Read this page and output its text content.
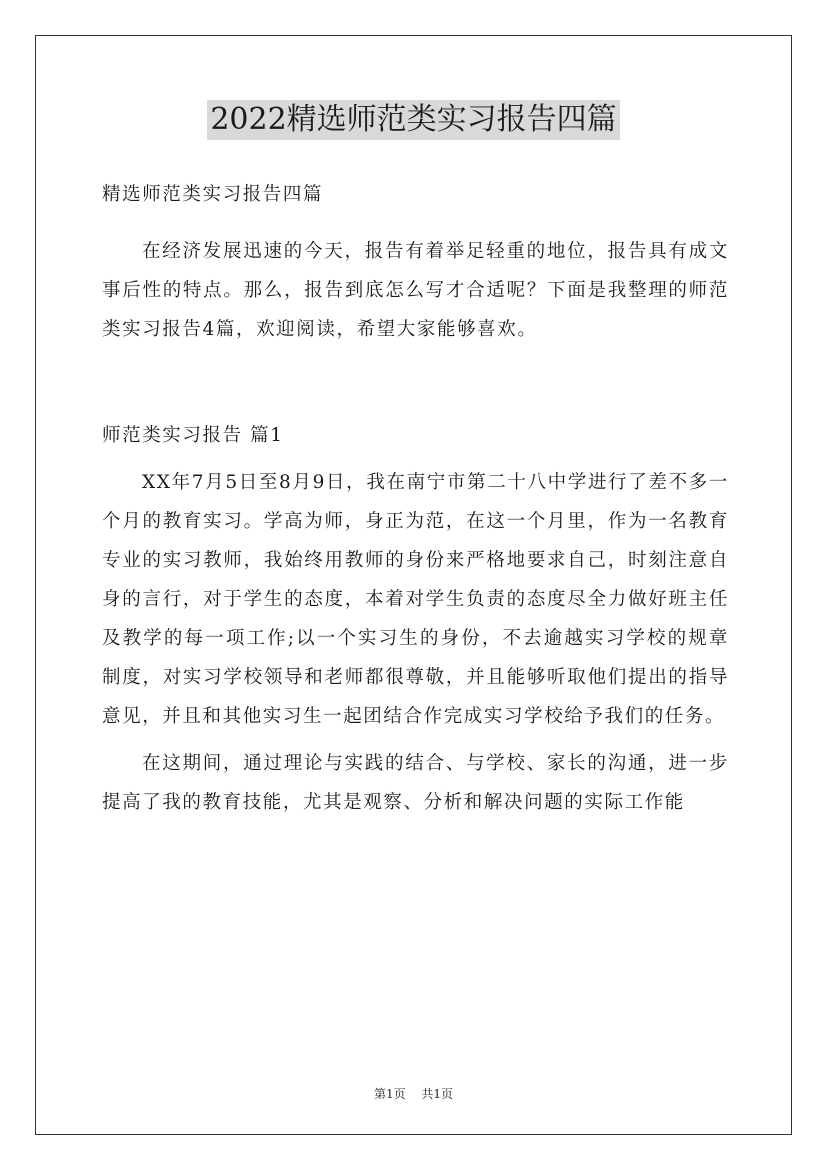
2022精选师范类实习报告四篇
精选师范类实习报告四篇

在经济发展迅速的今天，报告有着举足轻重的地位，报告具有成文事后性的特点。那么，报告到底怎么写才合适呢？下面是我整理的师范类实习报告4篇，欢迎阅读，希望大家能够喜欢。

师范类实习报告 篇1

XX年7月5日至8月9日，我在南宁市第二十八中学进行了差不多一个月的教育实习。学高为师，身正为范，在这一个月里，作为一名教育专业的实习教师，我始终用教师的身份来严格地要求自己，时刻注意自身的言行，对于学生的态度，本着对学生负责的态度尽全力做好班主任及教学的每一项工作;以一个实习生的身份，不去逾越实习学校的规章制度，对实习学校领导和老师都很尊敬，并且能够听取他们提出的指导意见，并且和其他实习生一起团结合作完成实习学校给予我们的任务。

在这期间，通过理论与实践的结合、与学校、家长的沟通，进一步提高了我的教育技能，尤其是观察、分析和解决问题的实际工作能

第1页 共1页
